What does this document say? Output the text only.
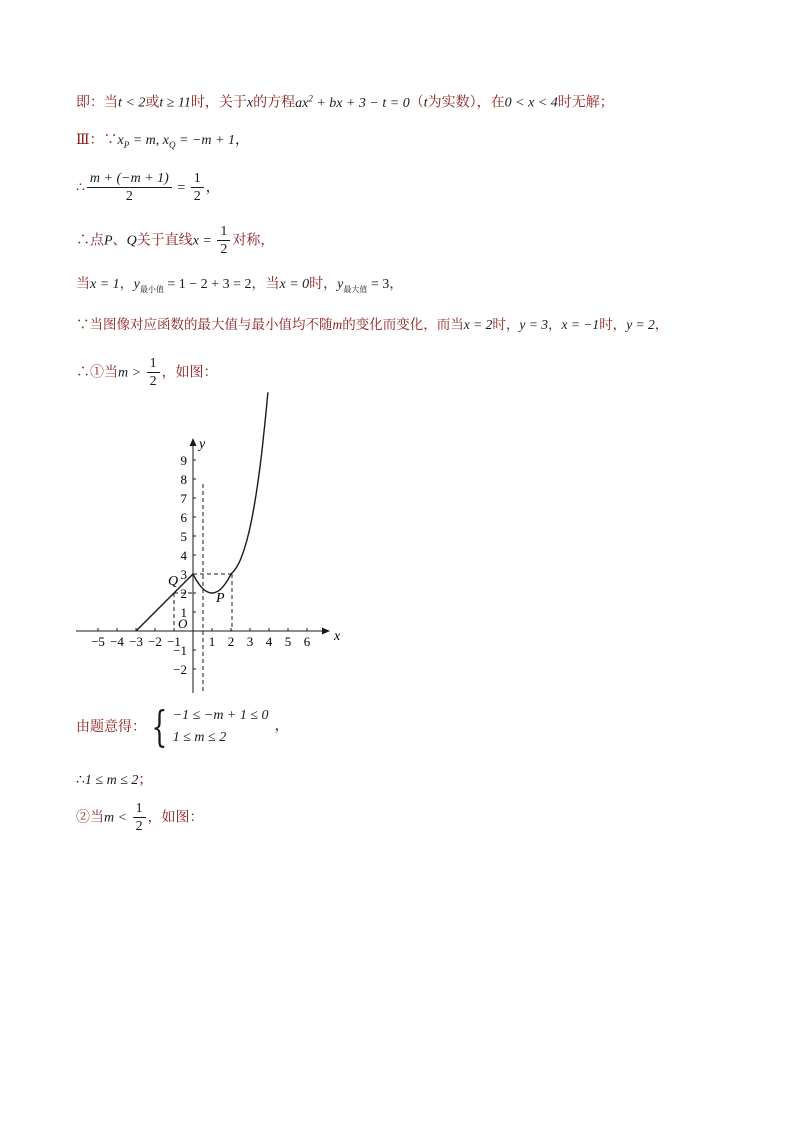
即：当t < 2或t ≥ 11时，关于x的方程$ax^2$ + bx + 3 − t = 0（t为实数），在0 < x < 4时无解；
Ⅲ：$\because x_P = m$, $x_Q = -m + 1$，
∴ $\frac{m + (-m + 1)}{2} = \frac{1}{2}$ ，
∴点P、Q关于直线$x = \frac{1}{2}$ 对称，
当x = 1，$y_{最小值} = 1 - 2 + 3 = 2$，当x = 0时，$y_{最大值} = 3$，
∵当图像对应函数的最大值与最小值均不随m的变化而变化，而当x = 2时，y = 3，x = −1时，y = 2，
∴①当$m > \frac{1}{2}$ ，如图：
x
y
O
Q
P
−5 −4 −3 −2 −1 1 2 3 4 5 6
9
8
7
6
5
4
3
2
1
−1
−2
由题意得： { −1 ≤ −m + 1 ≤ 0
1 ≤ m ≤ 2
，
∴1 ≤ m ≤ 2；
②当$m < \frac{1}{2}$ ，如图：
